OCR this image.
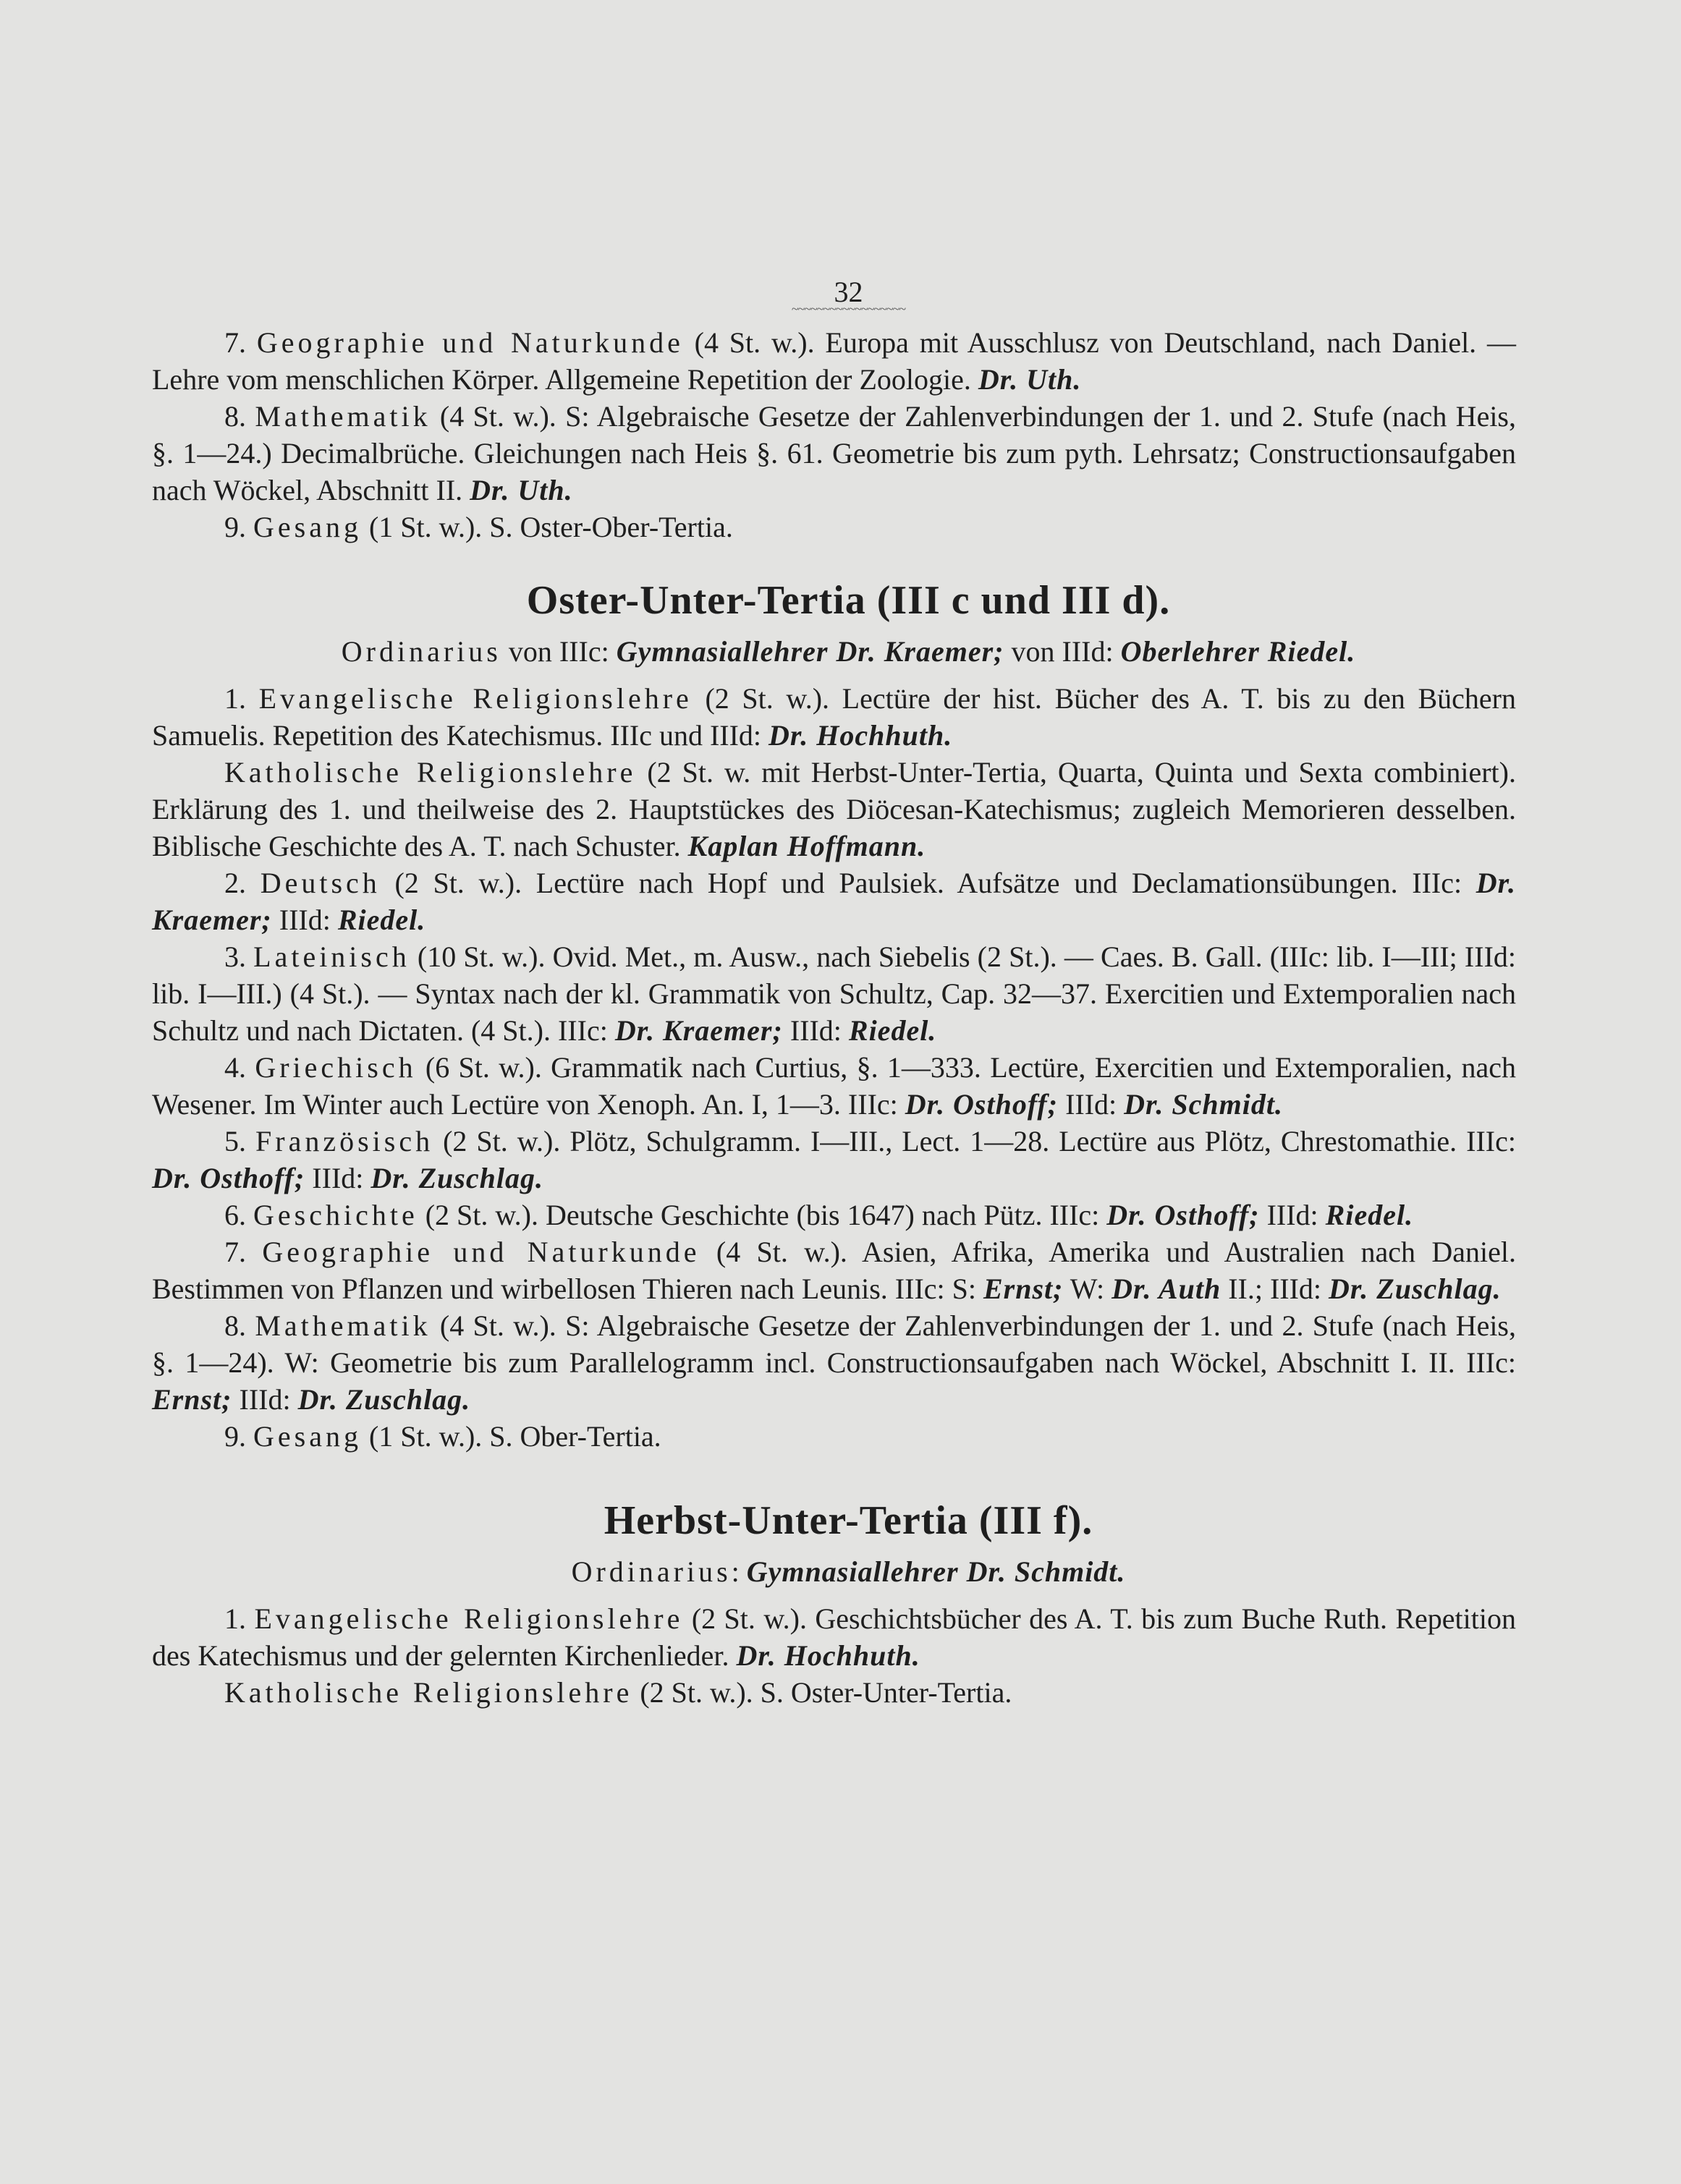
32
~~~~~~~~~~~~~~~~~~

7. Geographie und Naturkunde (4 St. w.). Europa mit Ausschlusz von Deutschland, nach Daniel. — Lehre vom menschlichen Körper. Allgemeine Repetition der Zoologie. Dr. Uth.

8. Mathematik (4 St. w.). S: Algebraische Gesetze der Zahlenverbindungen der 1. und 2. Stufe (nach Heis, §. 1—24.) Decimalbrüche. Gleichungen nach Heis §. 61. Geometrie bis zum pyth. Lehrsatz; Constructionsaufgaben nach Wöckel, Abschnitt II. Dr. Uth.

9. Gesang (1 St. w.). S. Oster-Ober-Tertia.

Oster-Unter-Tertia (III c und III d).

Ordinarius von IIIc: Gymnasiallehrer Dr. Kraemer; von IIId: Oberlehrer Riedel.

1. Evangelische Religionslehre (2 St. w.). Lectüre der hist. Bücher des A. T. bis zu den Büchern Samuelis. Repetition des Katechismus. IIIc und IIId: Dr. Hochhuth.

Katholische Religionslehre (2 St. w. mit Herbst-Unter-Tertia, Quarta, Quinta und Sexta combiniert). Erklärung des 1. und theilweise des 2. Hauptstückes des Diöcesan-Katechismus; zugleich Memorieren desselben. Biblische Geschichte des A. T. nach Schuster. Kaplan Hoffmann.

2. Deutsch (2 St. w.). Lectüre nach Hopf und Paulsiek. Aufsätze und Declamationsübungen. IIIc: Dr. Kraemer; IIId: Riedel.

3. Lateinisch (10 St. w.). Ovid. Met., m. Ausw., nach Siebelis (2 St.). — Caes. B. Gall. (IIIc: lib. I—III; IIId: lib. I—III.) (4 St.). — Syntax nach der kl. Grammatik von Schultz, Cap. 32—37. Exercitien und Extemporalien nach Schultz und nach Dictaten. (4 St.). IIIc: Dr. Kraemer; IIId: Riedel.

4. Griechisch (6 St. w.). Grammatik nach Curtius, §. 1—333. Lectüre, Exercitien und Extemporalien, nach Wesener. Im Winter auch Lectüre von Xenoph. An. I, 1—3. IIIc: Dr. Osthoff; IIId: Dr. Schmidt.

5. Französisch (2 St. w.). Plötz, Schulgramm. I—III., Lect. 1—28. Lectüre aus Plötz, Chrestomathie. IIIc: Dr. Osthoff; IIId: Dr. Zuschlag.

6. Geschichte (2 St. w.). Deutsche Geschichte (bis 1647) nach Pütz. IIIc: Dr. Osthoff; IIId: Riedel.

7. Geographie und Naturkunde (4 St. w.). Asien, Afrika, Amerika und Australien nach Daniel. Bestimmen von Pflanzen und wirbellosen Thieren nach Leunis. IIIc: S: Ernst; W: Dr. Auth II.; IIId: Dr. Zuschlag.

8. Mathematik (4 St. w.). S: Algebraische Gesetze der Zahlenverbindungen der 1. und 2. Stufe (nach Heis, §. 1—24). W: Geometrie bis zum Parallelogramm incl. Constructionsaufgaben nach Wöckel, Abschnitt I. II. IIIc: Ernst; IIId: Dr. Zuschlag.

9. Gesang (1 St. w.). S. Ober-Tertia.

Herbst-Unter-Tertia (III f).

Ordinarius: Gymnasiallehrer Dr. Schmidt.

1. Evangelische Religionslehre (2 St. w.). Geschichtsbücher des A. T. bis zum Buche Ruth. Repetition des Katechismus und der gelernten Kirchenlieder. Dr. Hochhuth.

Katholische Religionslehre (2 St. w.). S. Oster-Unter-Tertia.
